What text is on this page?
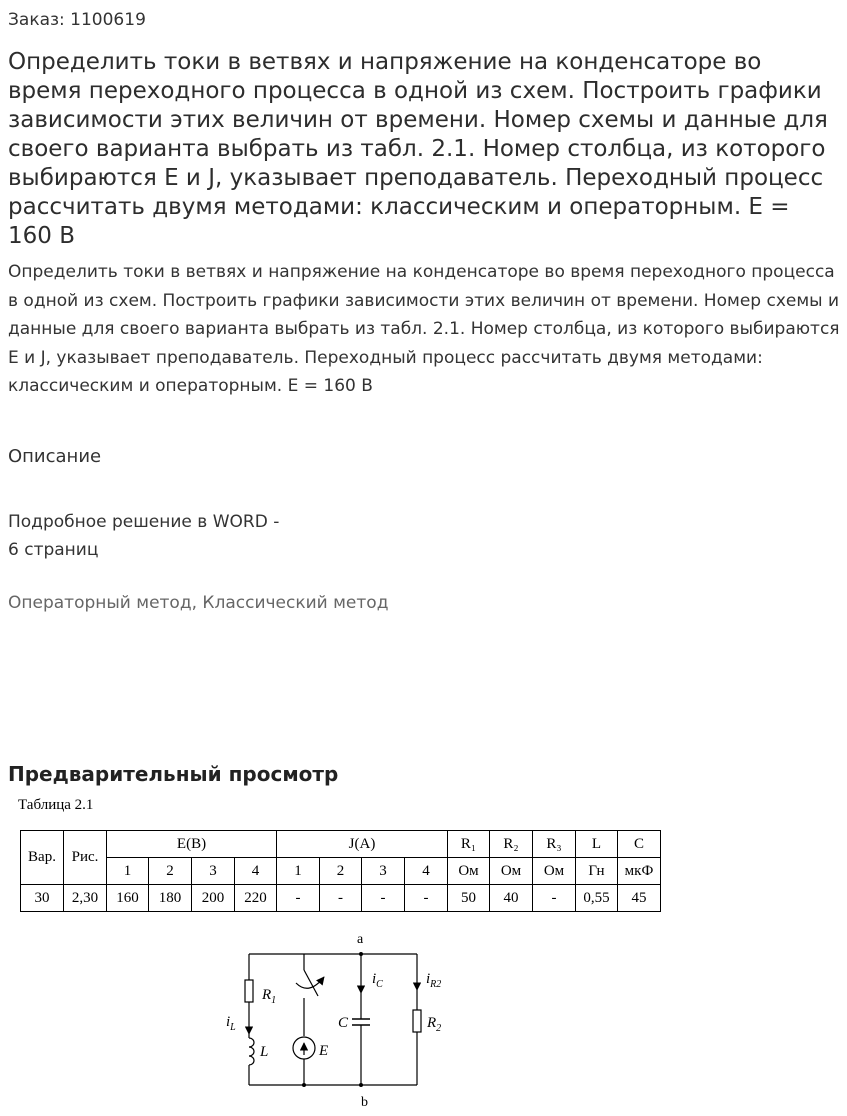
Заказ: 1100619
Определить токи в ветвях и напряжение на конденсаторе во время переходного процесса в одной из схем. Построить графики зависимости этих величин от времени. Номер схемы и данные для своего варианта выбрать из табл. 2.1. Номер столбца, из которого выбираются E и J, указывает преподаватель. Переходный процесс рассчитать двумя методами: классическим и операторным. E = 160 В

Определить токи в ветвях и напряжение на конденсаторе во время переходного процесса в одной из схем. Построить графики зависимости этих величин от времени. Номер схемы и данные для своего варианта выбрать из табл. 2.1. Номер столбца, из которого выбираются E и J, указывает преподаватель. Переходный процесс рассчитать двумя методами: классическим и операторным. E = 160 В

Описание
Подробное решение в WORD -
6 страниц
Операторный метод, Классический метод
Предварительный просмотр
Таблица 2.1
Вар.	Рис.	E(B)				J(A)				R₁	R₂	R₃	L	C
		1	2	3	4	1	2	3	4	Ом	Ом	Ом	Гн	мкФ
30	2,30	160	180	200	220	-	-	-	-	50	40	-	0,55	45
a
b
$R_1$
$i_L$
L	E
$i_C$
C
$i_{R2}$
$R_2$
